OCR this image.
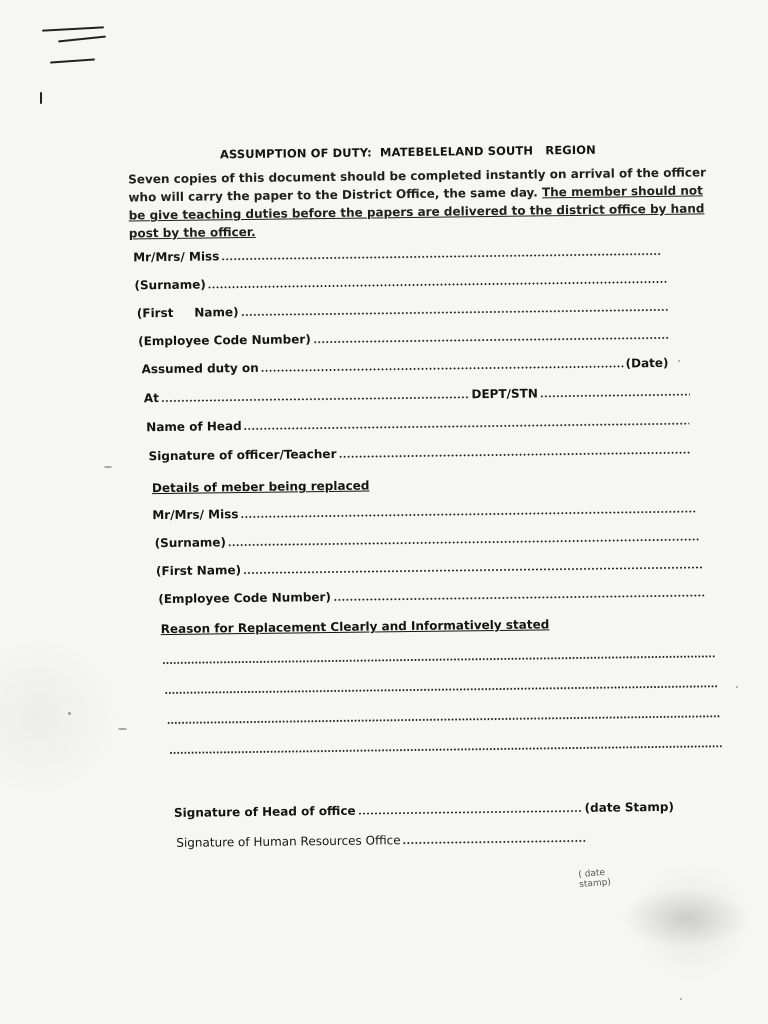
ASSUMPTION OF DUTY: MATEBELELAND SOUTH REGION
Seven copies of this document should be completed instantly on arrival of the officer who will carry the paper to the District Office, the same day. The member should not be give teaching duties before the papers are delivered to the district office by hand post by the officer.
Mr/Mrs/ Miss
(Surname)
(First     Name)
(Employee Code Number)
Assumed duty on	(Date)
At	DEPT/STN
Name of Head
Signature of officer/Teacher
Details of meber being replaced
Mr/Mrs/ Miss
(Surname)
(First Name)
(Employee Code Number)
Reason for Replacement Clearly and Informatively stated
Signature of Head of office	(date Stamp)
Signature of Human Resources Office
( date stamp)
